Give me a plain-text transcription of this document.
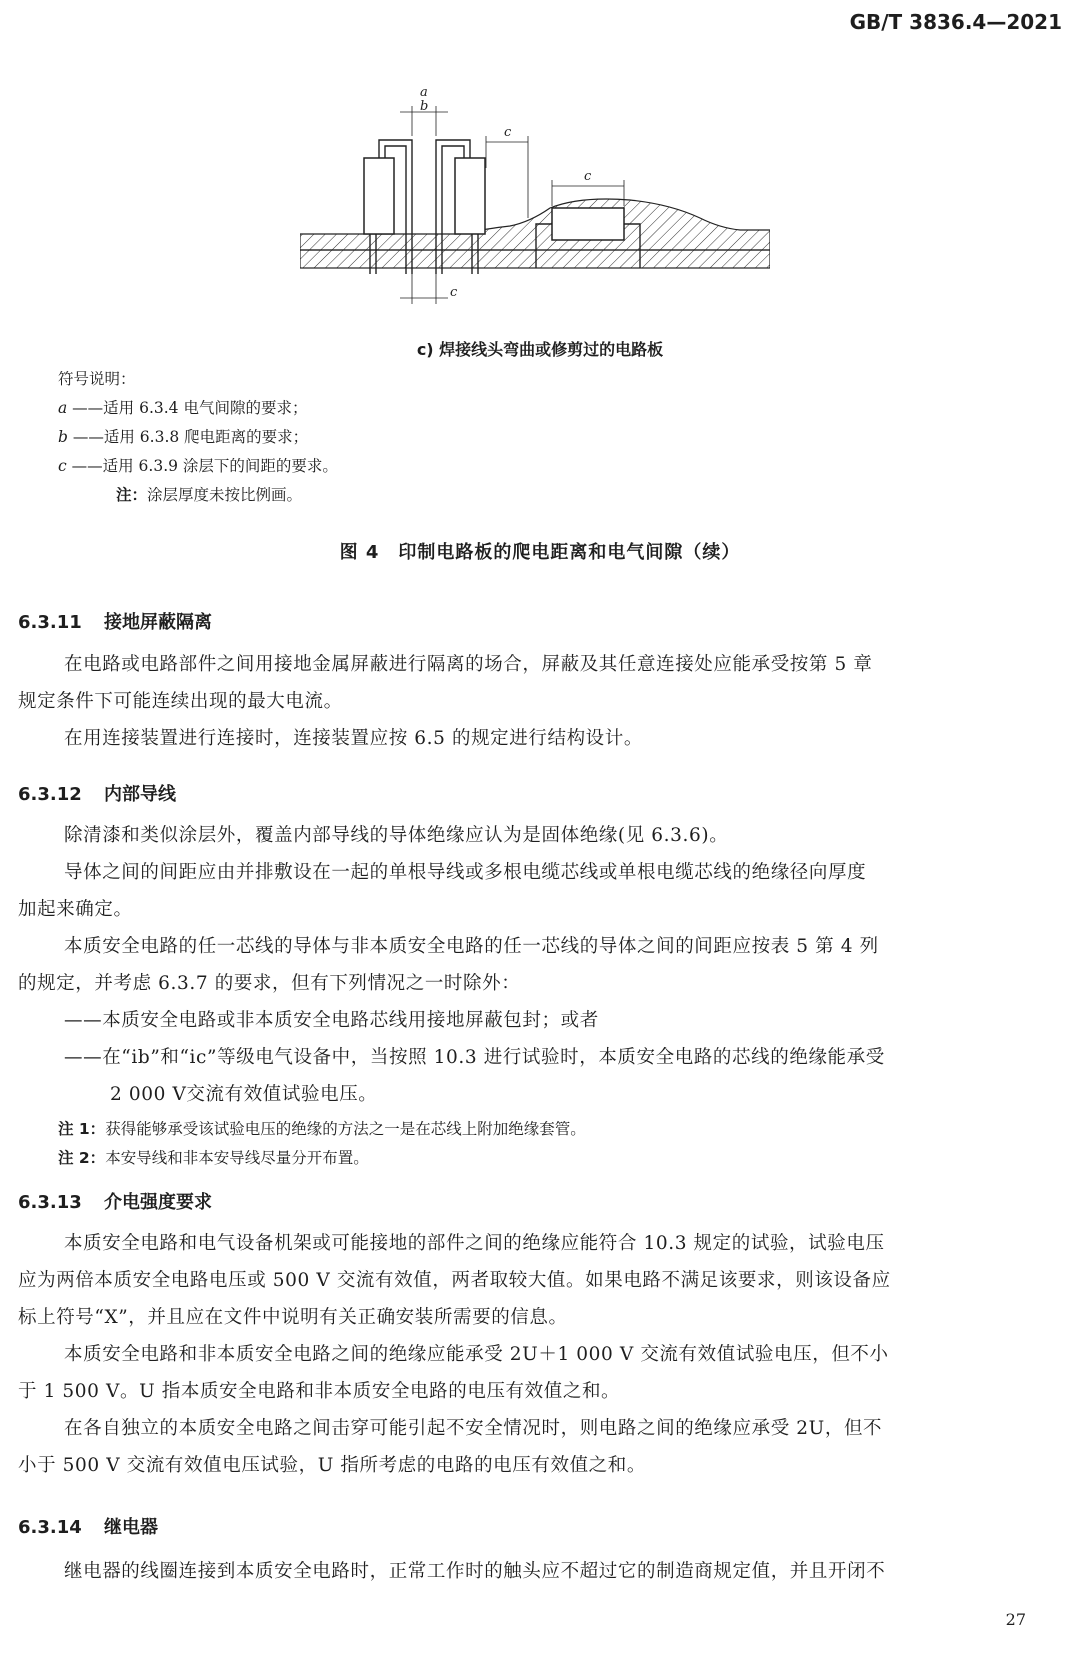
GB/T 3836.4—2021
a
b
c
c
c
c) 焊接线头弯曲或修剪过的电路板
符号说明：
a ——适用 6.3.4 电气间隙的要求；
b ——适用 6.3.8 爬电距离的要求；
c ——适用 6.3.9 涂层下的间距的要求。
注：涂层厚度未按比例画。
图 4　印制电路板的爬电距离和电气间隙（续）
6.3.11 接地屏蔽隔离
在电路或电路部件之间用接地金属屏蔽进行隔离的场合，屏蔽及其任意连接处应能承受按第 5 章
规定条件下可能连续出现的最大电流。
在用连接装置进行连接时，连接装置应按 6.5 的规定进行结构设计。
6.3.12 内部导线
除清漆和类似涂层外，覆盖内部导线的导体绝缘应认为是固体绝缘(见 6.3.6)。
导体之间的间距应由并排敷设在一起的单根导线或多根电缆芯线或单根电缆芯线的绝缘径向厚度
加起来确定。
本质安全电路的任一芯线的导体与非本质安全电路的任一芯线的导体之间的间距应按表 5 第 4 列
的规定，并考虑 6.3.7 的要求，但有下列情况之一时除外：
——本质安全电路或非本质安全电路芯线用接地屏蔽包封；或者
——在“ib”和“ic”等级电气设备中，当按照 10.3 进行试验时，本质安全电路的芯线的绝缘能承受
2 000 V交流有效值试验电压。
注 1：获得能够承受该试验电压的绝缘的方法之一是在芯线上附加绝缘套管。
注 2：本安导线和非本安导线尽量分开布置。
6.3.13 介电强度要求
本质安全电路和电气设备机架或可能接地的部件之间的绝缘应能符合 10.3 规定的试验，试验电压
应为两倍本质安全电路电压或 500 V 交流有效值，两者取较大值。如果电路不满足该要求，则该设备应
标上符号“X”，并且应在文件中说明有关正确安装所需要的信息。
本质安全电路和非本质安全电路之间的绝缘应能承受 2U＋1 000 V 交流有效值试验电压，但不小
于 1 500 V。U 指本质安全电路和非本质安全电路的电压有效值之和。
在各自独立的本质安全电路之间击穿可能引起不安全情况时，则电路之间的绝缘应承受 2U，但不
小于 500 V 交流有效值电压试验，U 指所考虑的电路的电压有效值之和。
6.3.14 继电器
继电器的线圈连接到本质安全电路时，正常工作时的触头应不超过它的制造商规定值，并且开闭不
27
